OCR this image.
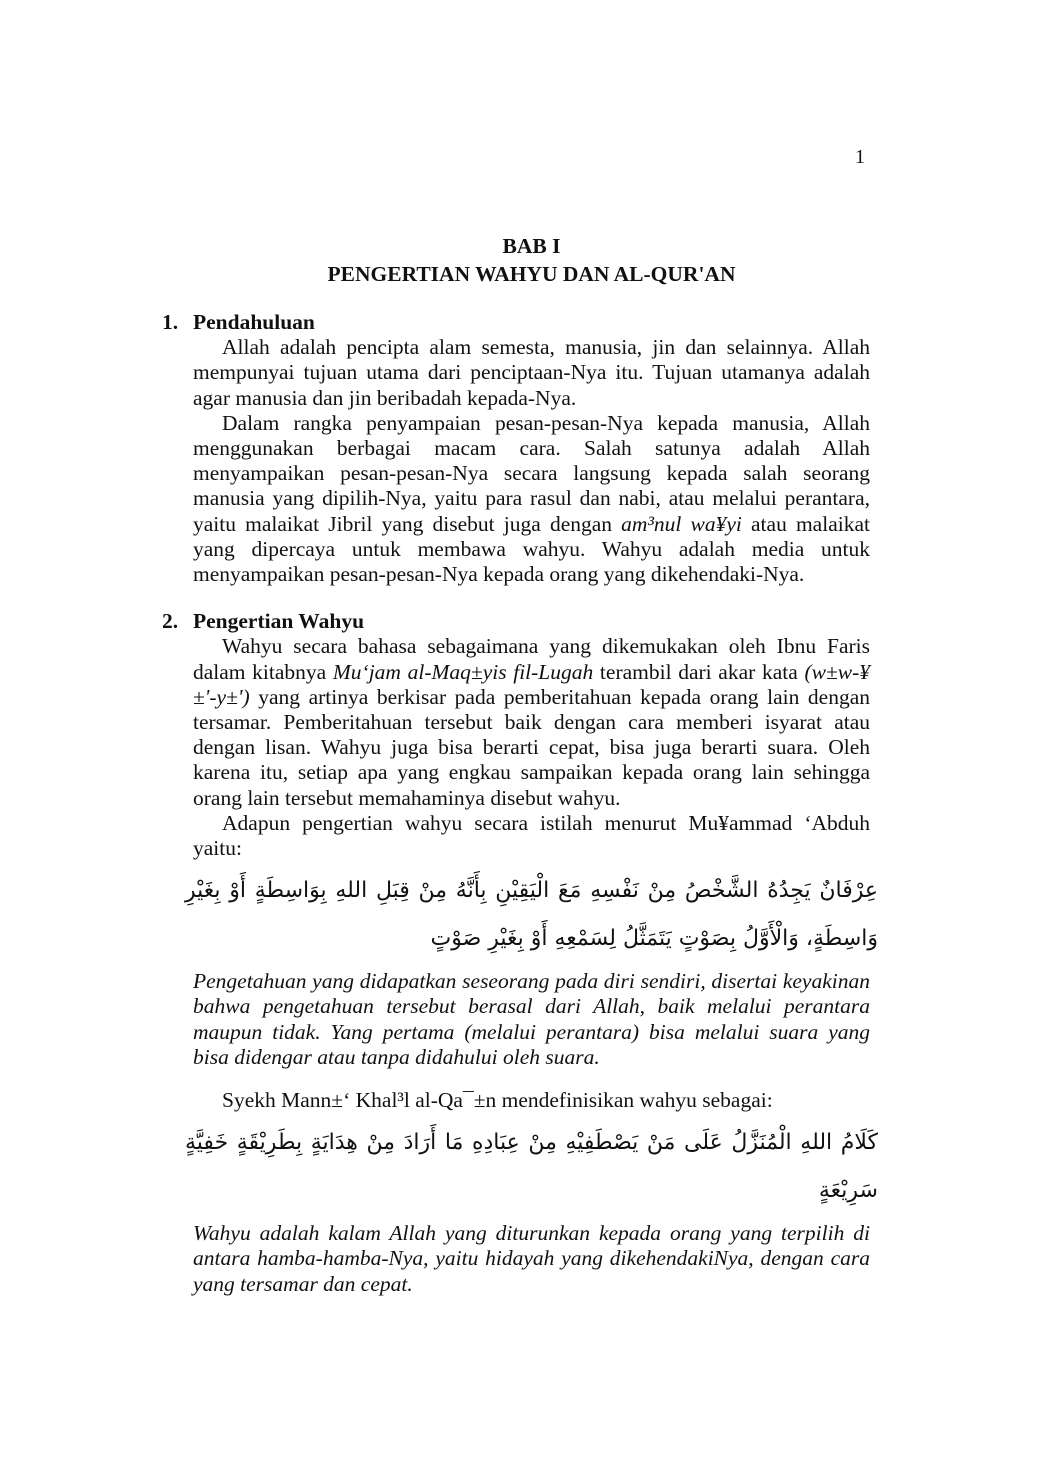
1
BAB I
PENGERTIAN WAHYU DAN AL-QUR'AN
1. Pendahuluan

Allah adalah pencipta alam semesta, manusia, jin dan selainnya. Allah mempunyai tujuan utama dari penciptaan-Nya itu. Tujuan utamanya adalah agar manusia dan jin beribadah kepada-Nya.

Dalam rangka penyampaian pesan-pesan-Nya kepada manusia, Allah menggunakan berbagai macam cara. Salah satunya adalah Allah menyampaikan pesan-pesan-Nya secara langsung kepada salah seorang manusia yang dipilih-Nya, yaitu para rasul dan nabi, atau melalui perantara, yaitu malaikat Jibril yang disebut juga dengan am³nul wa¥yi atau malaikat yang dipercaya untuk membawa wahyu. Wahyu adalah media untuk menyampaikan pesan-pesan-Nya kepada orang yang dikehendaki-Nya.

2. Pengertian Wahyu

Wahyu secara bahasa sebagaimana yang dikemukakan oleh Ibnu Faris dalam kitabnya Mu‘jam al-Maq±yis fil-Lugah terambil dari akar kata (w±w-¥±'-y±') yang artinya berkisar pada pemberitahuan kepada orang lain dengan tersamar. Pemberitahuan tersebut baik dengan cara memberi isyarat atau dengan lisan. Wahyu juga bisa berarti cepat, bisa juga berarti suara. Oleh karena itu, setiap apa yang engkau sampaikan kepada orang lain sehingga orang lain tersebut memahaminya disebut wahyu.

Adapun pengertian wahyu secara istilah menurut Mu¥ammad ‘Abduh yaitu:

عِرْفَانٌ يَجِدُهُ الشَّخْصُ مِنْ نَفْسِهِ مَعَ الْيَقِيْنِ بِأَنَّهُ مِنْ قِبَلِ اللهِ بِوَاسِطَةٍ أَوْ بِغَيْرِ وَاسِطَةٍ، وَالْأَوَّلُ بِصَوْتٍ يَتَمَثَّلُ لِسَمْعِهِ أَوْ بِغَيْرِ صَوْتٍ
Pengetahuan yang didapatkan seseorang pada diri sendiri, disertai keyakinan bahwa pengetahuan tersebut berasal dari Allah, baik melalui perantara maupun tidak. Yang pertama (melalui perantara) bisa melalui suara yang bisa didengar atau tanpa didahului oleh suara.

Syekh Mann±‘ Khal³l al-Qa¯±n mendefinisikan wahyu sebagai:

كَلَامُ اللهِ الْمُنَزَّلُ عَلَى مَنْ يَصْطَفِيْهِ مِنْ عِبَادِهِ مَا أَرَادَ مِنْ هِدَايَةٍ بِطَرِيْقَةٍ خَفِيَّةٍ سَرِيْعَةٍ
Wahyu adalah kalam Allah yang diturunkan kepada orang yang terpilih di antara hamba-hamba-Nya, yaitu hidayah yang dikehendakiNya, dengan cara yang tersamar dan cepat.
